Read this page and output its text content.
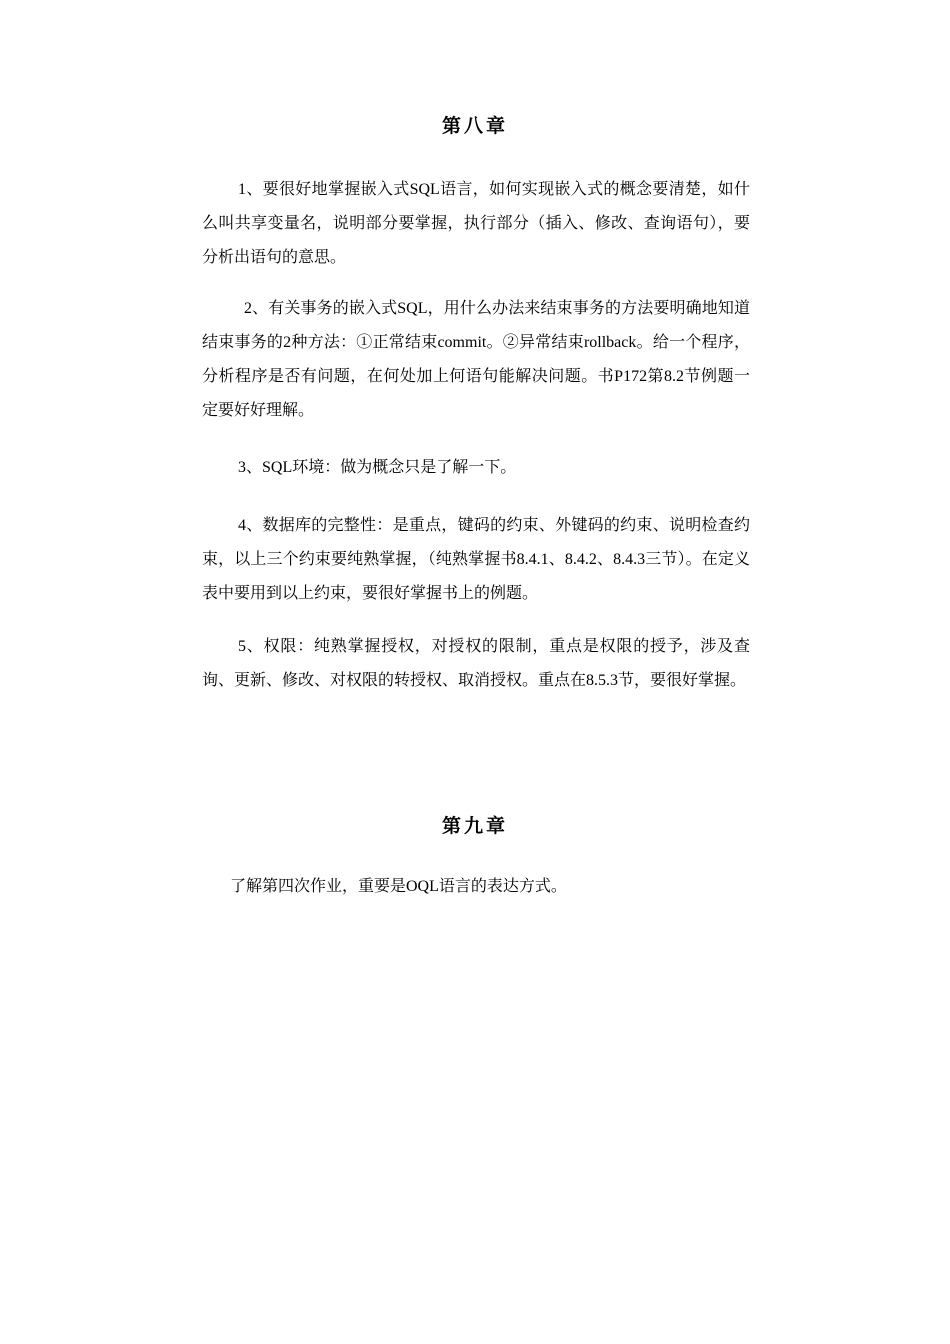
第八章

1、要很好地掌握嵌入式SQL语言，如何实现嵌入式的概念要清楚，如什么叫共享变量名，说明部分要掌握，执行部分（插入、修改、查询语句），要分析出语句的意思。

2、有关事务的嵌入式SQL，用什么办法来结束事务的方法要明确地知道结束事务的2种方法：①正常结束commit。②异常结束rollback。给一个程序，分析程序是否有问题，在何处加上何语句能解决问题。书P172第8.2节例题一定要好好理解。

3、SQL环境：做为概念只是了解一下。

4、数据库的完整性：是重点，键码的约束、外键码的约束、说明检查约束，以上三个约束要纯熟掌握，（纯熟掌握书8.4.1、8.4.2、8.4.3三节）。在定义表中要用到以上约束，要很好掌握书上的例题。

5、权限：纯熟掌握授权，对授权的限制，重点是权限的授予，涉及查询、更新、修改、对权限的转授权、取消授权。重点在8.5.3节，要很好掌握。

第九章

了解第四次作业，重要是OQL语言的表达方式。
